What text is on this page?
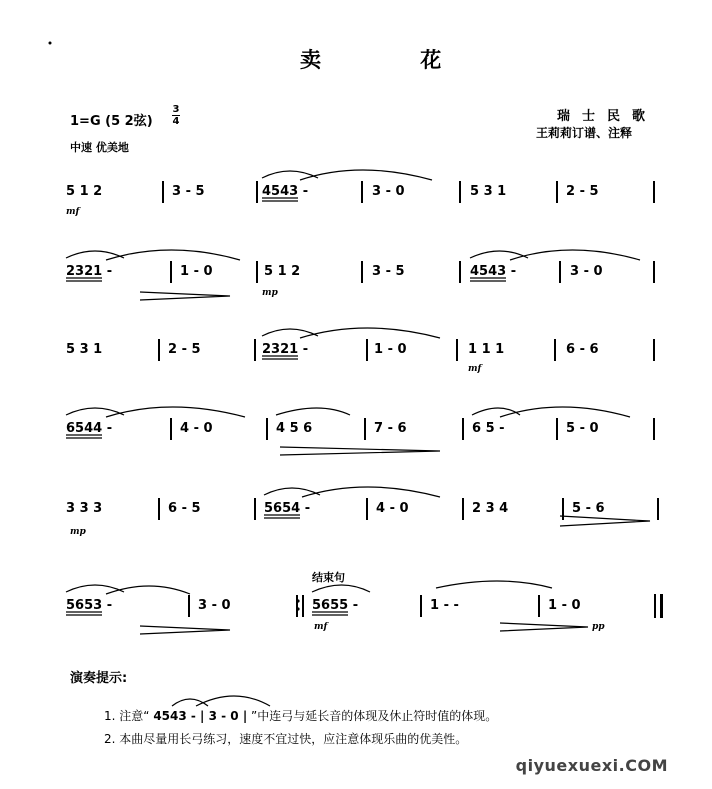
卖 花
1=G (5 2弦)
3
4
中速 优美地
瑞士民歌
王莉莉订谱、注释
5 1 2	3 - 5	4543 -	3 - 0	5 3 1	2 - 5
mf
2321 -	1 - 0	5 1 2	3 - 5	4543 -	3 - 0
mp
5 3 1	2 - 5	2321 -	1 - 0	1 1 1	6 - 6
mf
6544 -	4 - 0	4 5 6	7 - 6	6 5 -	5 - 0
3 3 3	6 - 5	5654 -	4 - 0	2 3 4	5 - 6
mp
结束句
5653 -	3 - 0	5655 -	1 - -	1 - 0
mf	pp
演奏提示:
1. 注意“ 4543 - | 3 - 0 | ”中连弓与延长音的体现及休止符时值的体现。
2. 本曲尽量用长弓练习，速度不宜过快，应注意体现乐曲的优美性。
qiyuexuexi.COM
